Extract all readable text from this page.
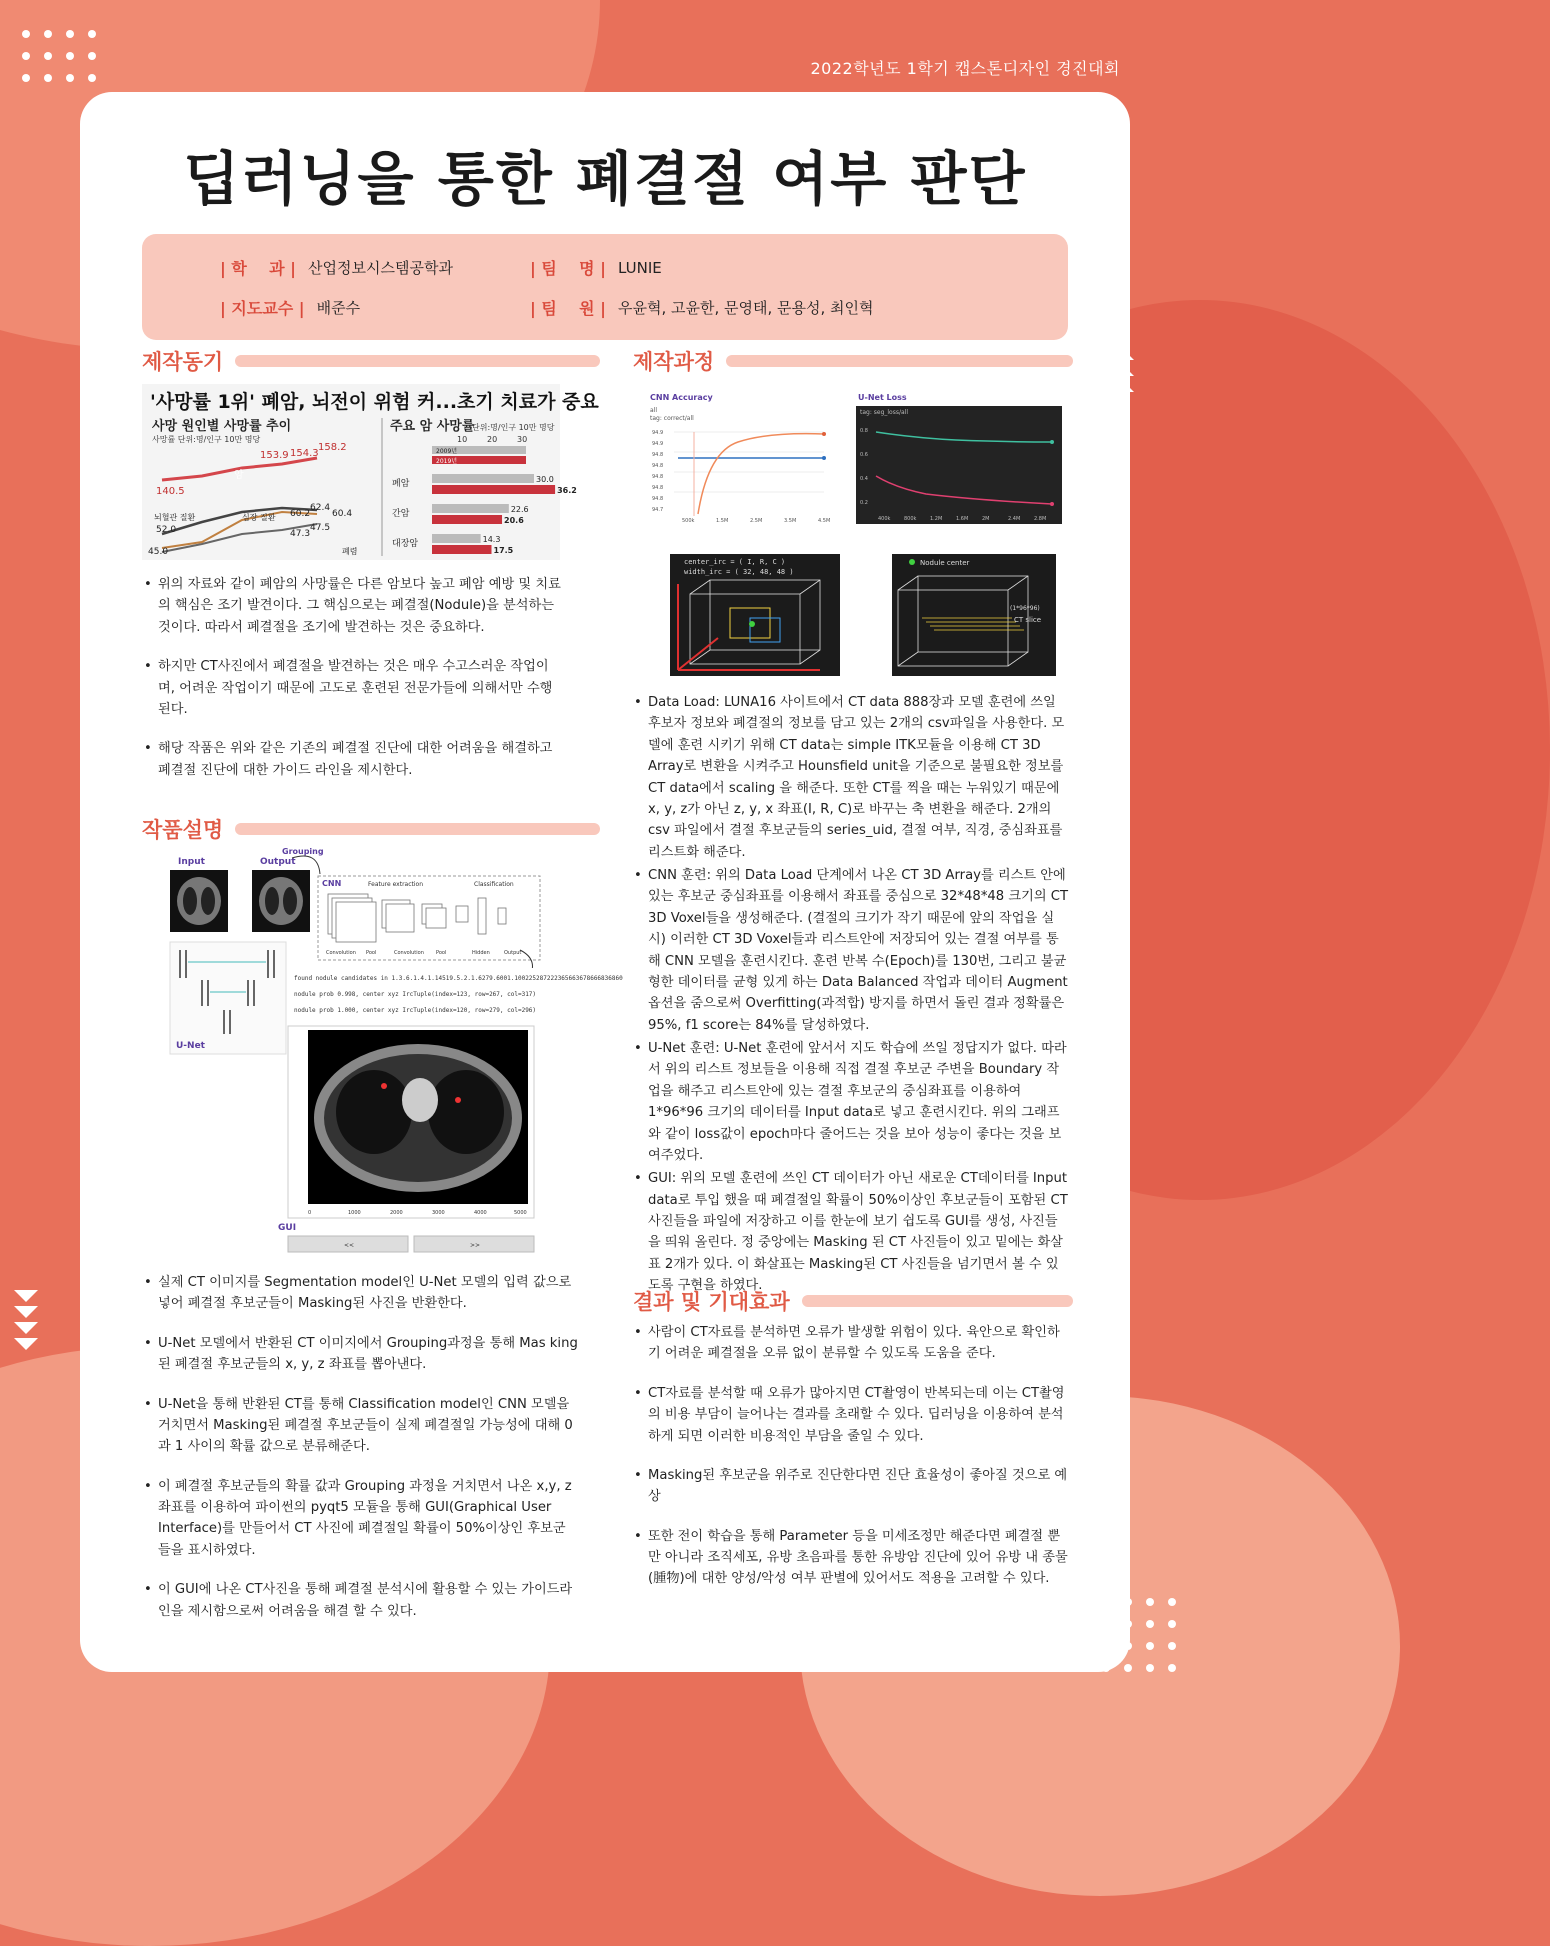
2022학년도 1학기 캡스톤디자인 경진대회
딥러닝을 통한 폐결절 여부 판단
| 학    과 | 산업정보시스템공학과
| 지도교수 | 배준수
| 팀    명 | LUNIE
| 팀    원 | 우윤혁, 고윤한, 문영태, 문용성, 최인혁
제작동기
'사망률 1위' 폐암, 뇌전이 위험 커...초기 치료가 중요
사망 원인별 사망률 추이
사망률 단위:명/인구 10만 명당
주요 암 사망률
단위:명/인구 10만 명당
140.5
암
153.9 154.3
158.2
뇌혈관 질환	심장 질환 60.2
62.4
60.4
52.0
45.0
47.3
47.5
폐렴
10 20 30
2009년
2019년
폐암	30.0
36.2
간암	22.6
20.6
대장암	14.3
17.5
• 위의 자료와 같이 폐암의 사망률은 다른 암보다 높고 폐암 예방 및 치료의 핵심은 조기 발견이다. 그 핵심으로는 폐결절(Nodule)을 분석하는 것이다. 따라서 폐결절을 조기에 발견하는 것은 중요하다.
• 하지만 CT사진에서 폐결절을 발견하는 것은 매우 수고스러운 작업이며, 어려운 작업이기 때문에 고도로 훈련된 전문가들에 의해서만 수행된다.
• 해당 작품은 위와 같은 기존의 폐결절 진단에 대한 어려움을 해결하고 폐결절 진단에 대한 가이드 라인을 제시한다.
작품설명
Input	Output
Grouping
CNN	Feature extraction	Classification
Convolution Pool	Convolution Pool	Hidden	Output
U-Net
found nodule candidates in 1.3.6.1.4.1.14519.5.2.1.6279.6001.100225287222365663678666836860
nodule prob 0.998, center xyz IrcTuple(index=123, row=267, col=317)
nodule prob 1.000, center xyz IrcTuple(index=120, row=279, col=296)
0	1000	2000	3000	4000	5000
GUI
<<	>>
• 실제 CT 이미지를 Segmentation model인 U-Net 모델의 입력 값으로 넣어 폐결절 후보군들이 Masking된 사진을 반환한다.
• U-Net 모델에서 반환된 CT 이미지에서 Grouping과정을 통해 Mas king된 폐결절 후보군들의 x, y, z 좌표를 뽑아낸다.
• U-Net을 통해 반환된 CT를 통해 Classification model인 CNN 모델을 거치면서 Masking된 폐결절 후보군들이 실제 폐결절일 가능성에 대해 0과 1 사이의 확률 값으로 분류해준다.
• 이 폐결절 후보군들의 확률 값과 Grouping 과정을 거치면서 나온 x,y, z 좌표를 이용하여 파이썬의 pyqt5 모듈을 통해 GUI(Graphical User Interface)를 만들어서 CT 사진에 폐결절일 확률이 50%이상인 후보군들을 표시하였다.
• 이 GUI에 나온 CT사진을 통해 폐결절 분석시에 활용할 수 있는 가이드라인을 제시함으로써 어려움을 해결 할 수 있다.
제작과정
CNN Accuracy
all
tag: correct/all
94.9
94.9
94.8
94.8
94.8
94.8
94.8
94.7
500k	1.5M	2.5M	3.5M	4.5M
U-Net Loss
tag: seg_loss/all
0.8
0.6
0.4
0.2
400k	800k	1.2M	1.6M	2M	2.4M	2.8M
center_irc = ( I, R, C )
width_irc = ( 32, 48, 48 )
Nodule center
(1*96*96)
CT slice
• Data Load: LUNA16 사이트에서 CT data 888장과 모델 훈련에 쓰일 후보자 정보와 폐결절의 정보를 담고 있는 2개의 csv파일을 사용한다. 모델에 훈련 시키기 위해 CT data는 simple ITK모듈을 이용해 CT 3D Array로 변환을 시켜주고 Hounsfield unit을 기준으로 불필요한 정보를 CT data에서 scaling 을 해준다. 또한 CT를 찍을 때는 누워있기 때문에 x, y, z가 아닌 z, y, x 좌표(I, R, C)로 바꾸는 축 변환을 해준다. 2개의 csv 파일에서 결절 후보군들의 series_uid, 결절 여부, 직경, 중심좌표를 리스트화 해준다.
• CNN 훈련: 위의 Data Load 단계에서 나온 CT 3D Array를 리스트 안에 있는 후보군 중심좌표를 이용해서 좌표를 중심으로 32*48*48 크기의 CT 3D Voxel들을 생성해준다. (결절의 크기가 작기 때문에 앞의 작업을 실시) 이러한 CT 3D Voxel들과 리스트안에 저장되어 있는 결절 여부를 통해 CNN 모델을 훈련시킨다. 훈련 반복 수(Epoch)를 130번, 그리고 불균형한 데이터를 균형 있게 하는 Data Balanced 작업과 데이터 Augment 옵션을 줌으로써 Overfitting(과적합) 방지를 하면서 돌린 결과 정확률은 95%, f1 score는 84%를 달성하였다.
• U-Net 훈련: U-Net 훈련에 앞서서 지도 학습에 쓰일 정답지가 없다. 따라서 위의 리스트 정보들을 이용해 직접 결절 후보군 주변을 Boundary 작업을 해주고 리스트안에 있는 결절 후보군의 중심좌표를 이용하여 1*96*96 크기의 데이터를 Input data로 넣고 훈련시킨다. 위의 그래프와 같이 loss값이 epoch마다 줄어드는 것을 보아 성능이 좋다는 것을 보여주었다.
• GUI: 위의 모델 훈련에 쓰인 CT 데이터가 아닌 새로운 CT데이터를 Input data로 투입 했을 때 폐결절일 확률이 50%이상인 후보군들이 포함된 CT 사진들을 파일에 저장하고 이를 한눈에 보기 쉽도록 GUI를 생성, 사진들을 띄워 올린다. 정 중앙에는 Masking 된 CT 사진들이 있고 밑에는 화살표 2개가 있다. 이 화살표는 Masking된 CT 사진들을 넘기면서 볼 수 있도록 구현을 하였다.
결과 및 기대효과
• 사람이 CT자료를 분석하면 오류가 발생할 위험이 있다. 육안으로 확인하기 어려운 폐결절을 오류 없이 분류할 수 있도록 도움을 준다.
• CT자료를 분석할 때 오류가 많아지면 CT촬영이 반복되는데 이는 CT촬영의 비용 부담이 늘어나는 결과를 초래할 수 있다. 딥러닝을 이용하여 분석하게 되면 이러한 비용적인 부담을 줄일 수 있다.
• Masking된 후보군을 위주로 진단한다면 진단 효율성이 좋아질 것으로 예상
• 또한 전이 학습을 통해 Parameter 등을 미세조정만 해준다면 폐결절 뿐만 아니라 조직세포, 유방 초음파를 통한 유방암 진단에 있어 유방 내 종물(腫物)에 대한 양성/악성 여부 판별에 있어서도 적용을 고려할 수 있다.
